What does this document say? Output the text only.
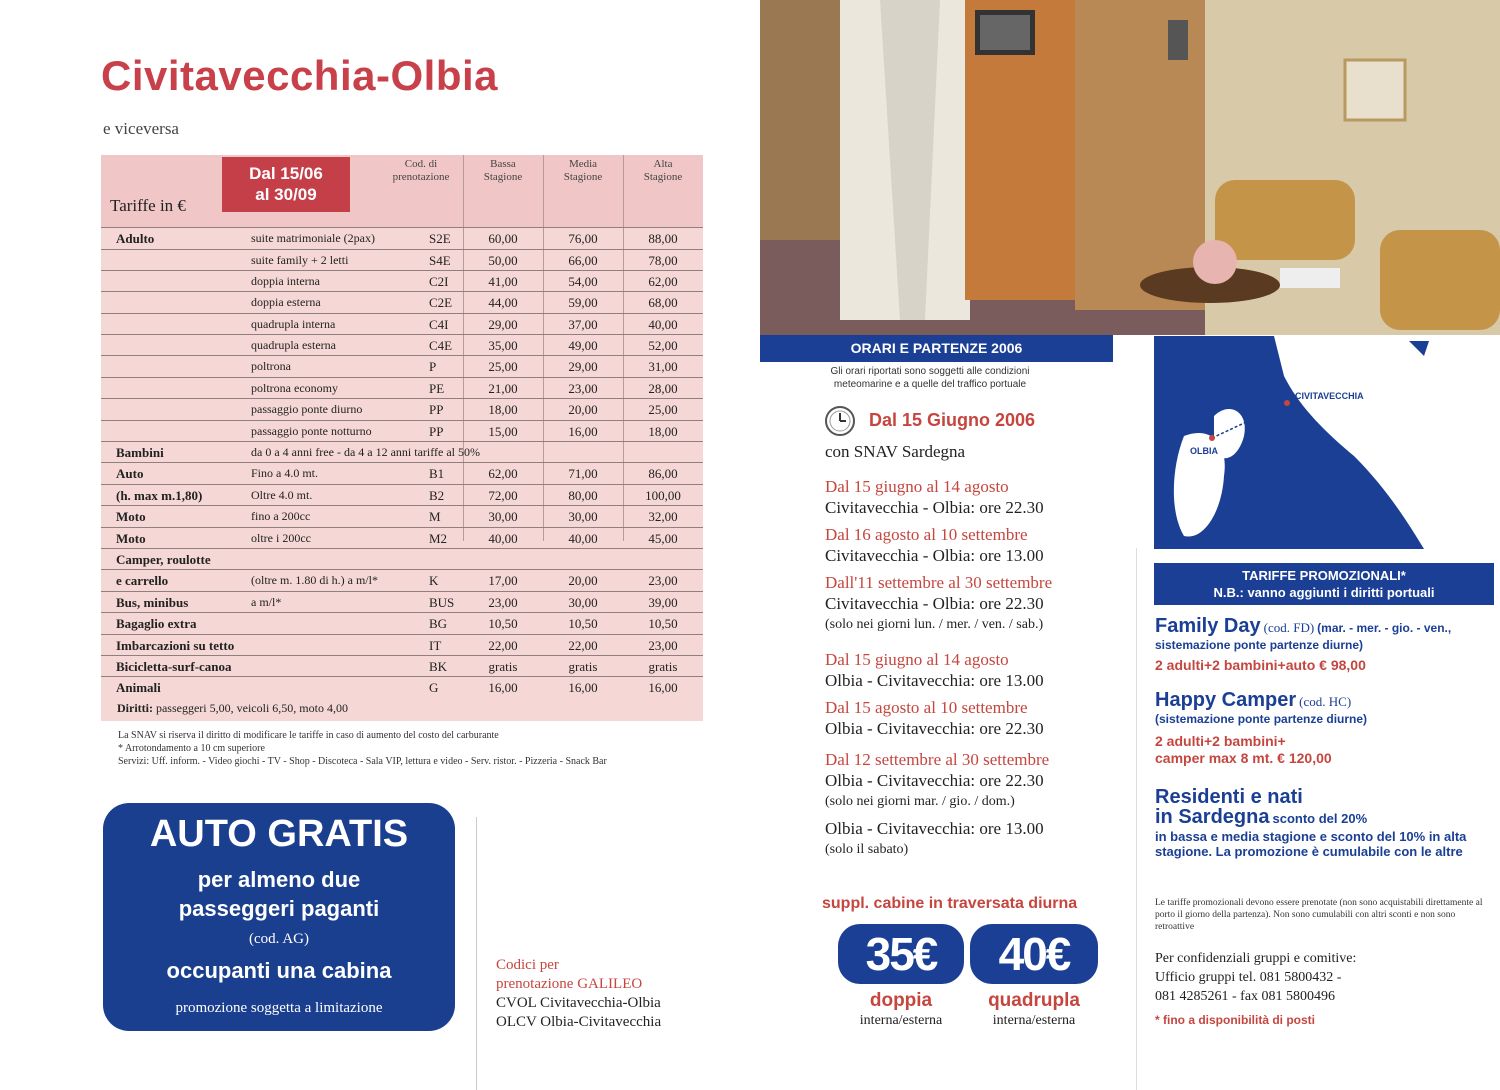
Civitavecchia-Olbia
e viceversa
Dal 15/06
al 30/09
Tariffe in €
Cod. di
prenotazione
Bassa
Stagione
Media
Stagione
Alta
Stagione
Adulto	suite matrimoniale (2pax)	S2E	60,00	76,00	88,00
suite family + 2 letti	S4E	50,00	66,00	78,00
doppia interna	C2I	41,00	54,00	62,00
doppia esterna	C2E	44,00	59,00	68,00
quadrupla interna	C4I	29,00	37,00	40,00
quadrupla esterna	C4E	35,00	49,00	52,00
poltrona	P	25,00	29,00	31,00
poltrona economy	PE	21,00	23,00	28,00
passaggio ponte diurno	PP	18,00	20,00	25,00
passaggio ponte notturno	PP	15,00	16,00	18,00
Bambini	da 0 a 4 anni free - da 4 a 12 anni tariffe al 50%
Auto	Fino a 4.0 mt.	B1	62,00	71,00	86,00
(h. max m.1,80)	Oltre 4.0 mt.	B2	72,00	80,00	100,00
Moto	fino a 200cc	M	30,00	30,00	32,00
Moto	oltre i 200cc	M2	40,00	40,00	45,00
Camper, roulotte
e carrello	(oltre m. 1.80 di h.) a m/l*	K	17,00	20,00	23,00
Bus, minibus	a m/l*	BUS	23,00	30,00	39,00
Bagaglio extra	BG	10,50	10,50	10,50
Imbarcazioni su tetto	IT	22,00	22,00	23,00
Bicicletta-surf-canoa	BK	gratis	gratis	gratis
Animali	G	16,00	16,00	16,00
Diritti: passeggeri 5,00, veicoli 6,50, moto 4,00
La SNAV si riserva il diritto di modificare le tariffe in caso di aumento del costo del carburante
* Arrotondamento a 10 cm superiore
Servizi: Uff. inform. - Video giochi - TV - Shop - Discoteca - Sala VIP, lettura e video - Serv. ristor. - Pizzeria - Snack Bar
AUTO GRATIS
per almeno due
passeggeri paganti
(cod. AG)
occupanti una cabina
promozione soggetta a limitazione
Codici per
prenotazione GALILEO
CVOL Civitavecchia-Olbia
OLCV Olbia-Civitavecchia
ORARI E PARTENZE 2006
Gli orari riportati sono soggetti alle condizioni
meteomarine e a quelle del traffico portuale
Dal 15 Giugno 2006
con SNAV Sardegna
Dal 15 giugno al 14 agosto
Civitavecchia - Olbia: ore 22.30
Dal 16 agosto al 10 settembre
Civitavecchia - Olbia: ore 13.00
Dall'11 settembre al 30 settembre
Civitavecchia - Olbia: ore 22.30
(solo nei giorni lun. / mer. / ven. / sab.)
Dal 15 giugno al 14 agosto
Olbia - Civitavecchia: ore 13.00
Dal 15 agosto al 10 settembre
Olbia - Civitavecchia: ore 22.30
Dal 12 settembre al 30 settembre
Olbia - Civitavecchia: ore 22.30
(solo nei giorni mar. / gio. / dom.)
Olbia - Civitavecchia: ore 13.00
(solo il sabato)
suppl. cabine in traversata diurna
35€	40€
doppia
interna/esterna
quadrupla
interna/esterna
CIVITAVECCHIA
OLBIA
TARIFFE PROMOZIONALI*
N.B.: vanno aggiunti i diritti portuali
Family Day (cod. FD) (mar. - mer. - gio. - ven., sistemazione ponte partenze diurne)
2 adulti+2 bambini+auto € 98,00
Happy Camper (cod. HC)
(sistemazione ponte partenze diurne)
2 adulti+2 bambini+
camper max 8 mt. € 120,00
Residenti e nati
in Sardegna sconto del 20%
in bassa e media stagione e sconto del 10% in alta stagione. La promozione è cumulabile con le altre
Le tariffe promozionali devono essere prenotate (non sono acquistabili direttamente al porto il giorno della partenza). Non sono cumulabili con altri sconti e non sono retroattive
Per confidenziali gruppi e comitive:
Ufficio gruppi tel. 081 5800432 -
081 4285261 - fax 081 5800496
* fino a disponibilità di posti
